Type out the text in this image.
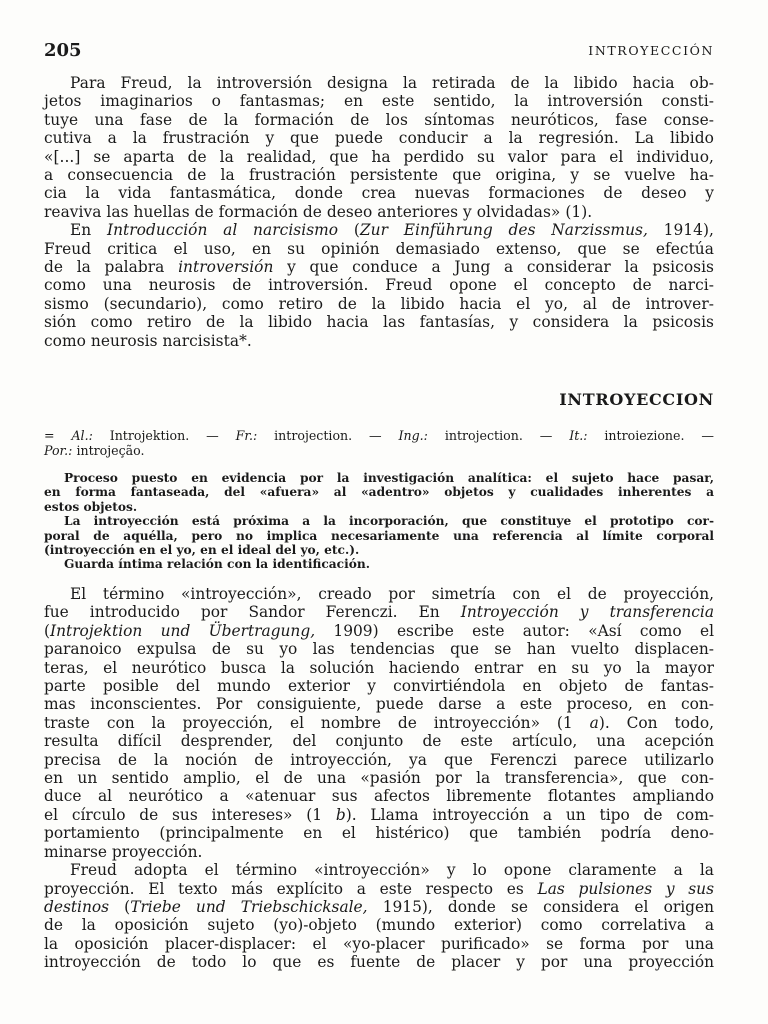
205	INTROYECCIÓN

Para Freud, la introversión designa la retirada de la libido hacia ob-
jetos imaginarios o fantasmas; en este sentido, la introversión consti-
tuye una fase de la formación de los síntomas neuróticos, fase conse-
cutiva a la frustración y que puede conducir a la regresión. La libido
«[...] se aparta de la realidad, que ha perdido su valor para el individuo,
a consecuencia de la frustración persistente que origina, y se vuelve ha-
cia la vida fantasmática, donde crea nuevas formaciones de deseo y
reaviva las huellas de formación de deseo anteriores y olvidadas» (1).

En Introducción al narcisismo (Zur Einführung des Narzissmus, 1914),
Freud critica el uso, en su opinión demasiado extenso, que se efectúa
de la palabra introversión y que conduce a Jung a considerar la psicosis
como una neurosis de introversión. Freud opone el concepto de narci-
sismo (secundario), como retiro de la libido hacia el yo, al de introver-
sión como retiro de la libido hacia las fantasías, y considera la psicosis
como neurosis narcisista*.

INTROYECCION

= Al.: Introjektion. — Fr.: introjection. — Ing.: introjection. — It.: introiezione. —
Por.: introjeção.

Proceso puesto en evidencia por la investigación analítica: el sujeto hace pasar,
en forma fantaseada, del «afuera» al «adentro» objetos y cualidades inherentes a
estos objetos.

La introyección está próxima a la incorporación, que constituye el prototipo cor-
poral de aquélla, pero no implica necesariamente una referencia al límite corporal
(introyección en el yo, en el ideal del yo, etc.).

Guarda íntima relación con la identificación.

El término «introyección», creado por simetría con el de proyección,
fue introducido por Sandor Ferenczi. En Introyección y transferencia
(Introjektion und Übertragung, 1909) escribe este autor: «Así como el
paranoico expulsa de su yo las tendencias que se han vuelto displacen-
teras, el neurótico busca la solución haciendo entrar en su yo la mayor
parte posible del mundo exterior y convirtiéndola en objeto de fantas-
mas inconscientes. Por consiguiente, puede darse a este proceso, en con-
traste con la proyección, el nombre de introyección» (1 a). Con todo,
resulta difícil desprender, del conjunto de este artículo, una acepción
precisa de la noción de introyección, ya que Ferenczi parece utilizarlo
en un sentido amplio, el de una «pasión por la transferencia», que con-
duce al neurótico a «atenuar sus afectos libremente flotantes ampliando
el círculo de sus intereses» (1 b). Llama introyección a un tipo de com-
portamiento (principalmente en el histérico) que también podría deno-
minarse proyección.

Freud adopta el término «introyección» y lo opone claramente a la
proyección. El texto más explícito a este respecto es Las pulsiones y sus
destinos (Triebe und Triebschicksale, 1915), donde se considera el origen
de la oposición sujeto (yo)-objeto (mundo exterior) como correlativa a
la oposición placer-displacer: el «yo-placer purificado» se forma por una
introyección de todo lo que es fuente de placer y por una proyección
